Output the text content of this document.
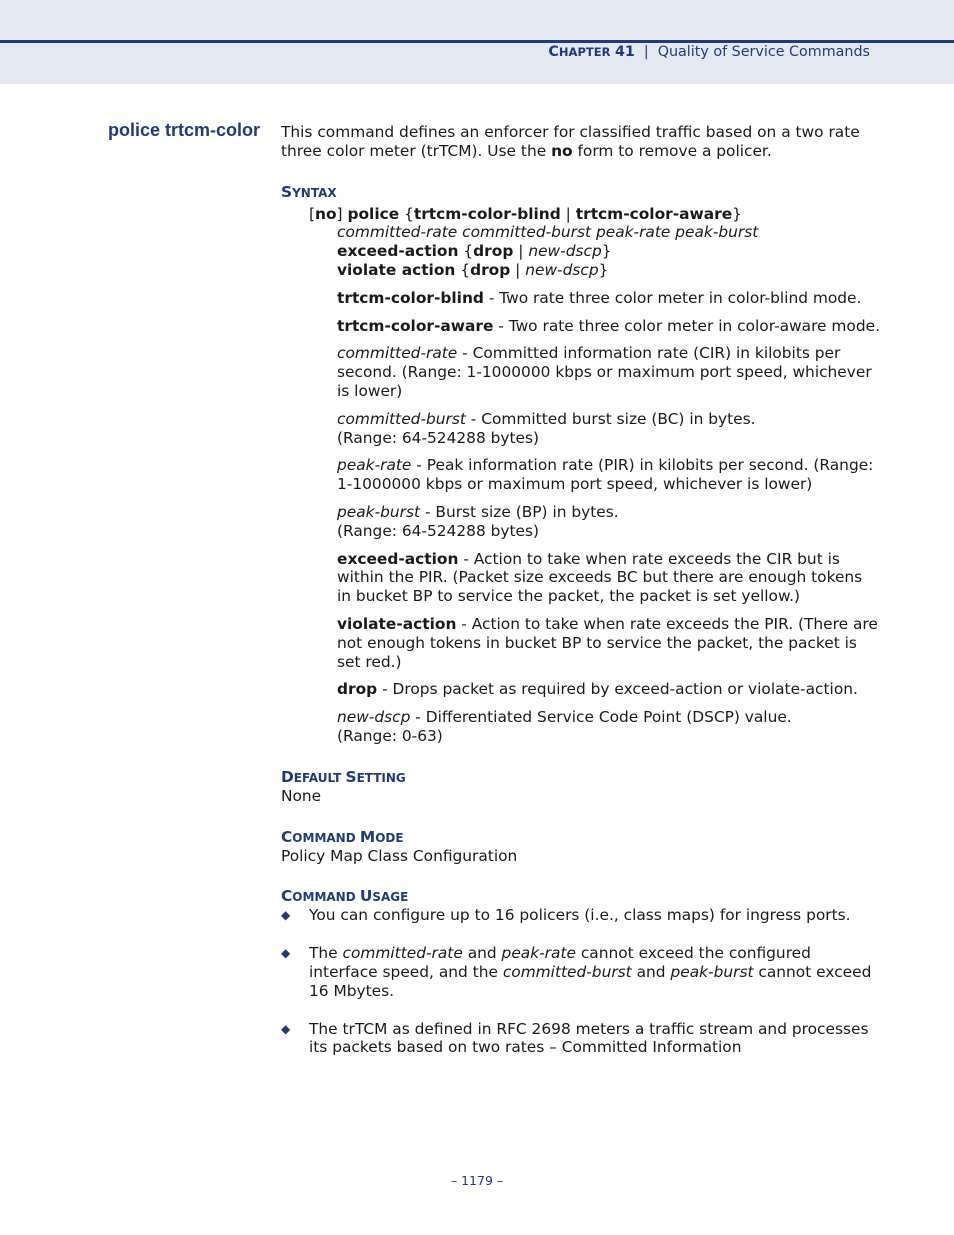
CHAPTER 41 | Quality of Service Commands
police trtcm-color This command defines an enforcer for classified traffic based on a two rate three color meter (trTCM). Use the no form to remove a policer.

SYNTAX

[no] police {trtcm-color-blind | trtcm-color-aware}

committed-rate committed-burst peak-rate peak-burst

exceed-action {drop | new-dscp}

violate action {drop | new-dscp}

trtcm-color-blind - Two rate three color meter in color-blind mode.

trtcm-color-aware - Two rate three color meter in color-aware mode.

committed-rate - Committed information rate (CIR) in kilobits per second. (Range: 1-1000000 kbps or maximum port speed, whichever is lower)

committed-burst - Committed burst size (BC) in bytes.
(Range: 64-524288 bytes)

peak-rate - Peak information rate (PIR) in kilobits per second. (Range: 1-1000000 kbps or maximum port speed, whichever is lower)

peak-burst - Burst size (BP) in bytes.
(Range: 64-524288 bytes)

exceed-action - Action to take when rate exceeds the CIR but is within the PIR. (Packet size exceeds BC but there are enough tokens in bucket BP to service the packet, the packet is set yellow.)

violate-action - Action to take when rate exceeds the PIR. (There are not enough tokens in bucket BP to service the packet, the packet is set red.)

drop - Drops packet as required by exceed-action or violate-action.

new-dscp - Differentiated Service Code Point (DSCP) value.
(Range: 0-63)

DEFAULT SETTING

None

COMMAND MODE

Policy Map Class Configuration

COMMAND USAGE

◆ You can configure up to 16 policers (i.e., class maps) for ingress ports.

◆ The committed-rate and peak-rate cannot exceed the configured interface speed, and the committed-burst and peak-burst cannot exceed 16 Mbytes.

◆ The trTCM as defined in RFC 2698 meters a traffic stream and processes its packets based on two rates – Committed Information

– 1179 –
